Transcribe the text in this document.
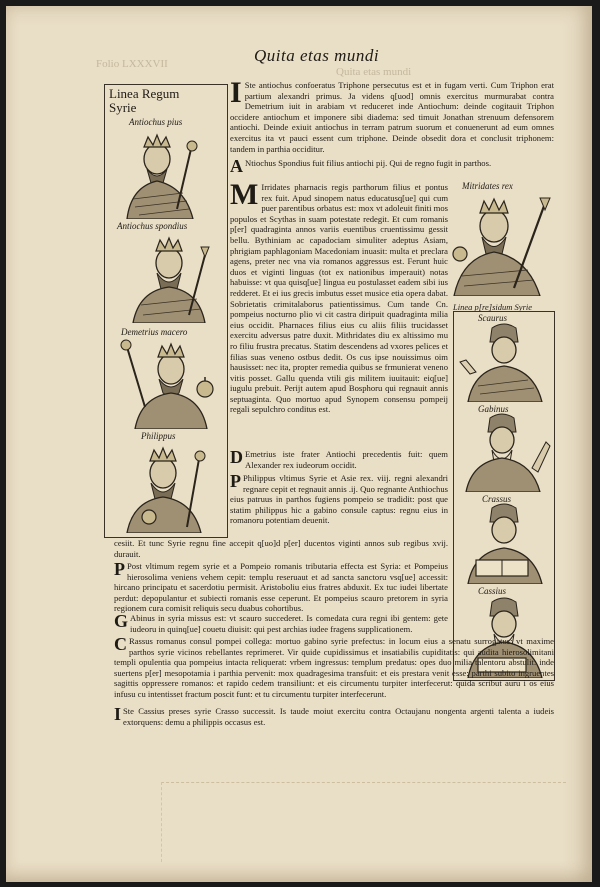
Folio LXXXVII
Quita etas mundi
Quita etas mundi
Linea Regum
Syrie
Antiochus pius
Antiochus spondius
Demetrius macero
Philippus
Mitridates rex
Linea p[re]sidum Syrie
Scaurus
Gabinus
Crassus
Cassius
I Ste antiochus confoeratus Triphone persecutus est et in fugam verti. Cum Triphon erat partium alexandri primus. Ja videns q[uod] omnis exercitus murmurabat contra Demetrium iuit in arabiam vt reduceret inde Antiochum: deinde cogitauit Triphon occidere antiochum et imponere sibi diadema: sed timuit Jonathan strenuum defensorem antiochi. Deinde exiuit antiochus in terram patrum suorum et conuenerunt ad eum omnes exercitus ita vt pauci essent cum triphone. Deinde obsedit dora et conclusit triphonem: tandem in parthia occiditur.
A Ntiochus Spondius fuit filius antiochi pij. Qui de regno fugit in parthos.
M Irridates pharnacis regis parthorum filius et pontus rex fuit. Apud sinopem natus educatusq[ue] qui cum puer parentibus orbatus est: mox vt adoleuit finiti mos populos et Scythas in suam potestate redegit. Et cum romanis p[er] quadraginta annos variis euentibus cruentissimu gessit bellu. Bythiniam ac capadociam simuliter adeptus Asiam, phrigiam paphlagoniam Macedoniam inuasit: multa et preclara agens, preter nec vna via romanos aggressus est. Ferunt huic duos et viginti linguas (tot ex nationibus imperauit) notas habuisse: vt qua quisq[ue] lingua eu postulasset eadem sibi ius redderet. Et ei ius grecis imbutus esset musice etia opera dabat. Sobrietatis crimitalaborus patientissimus. Cum tande Cn. pompeius nocturno plio vi cit castra diripuit quadraginta milia eius occidit. Pharnaces filius eius cu aliis filiis trucidasset exercitu adversus patre duxit. Mithridates diu ex altissimo mu ro filiu frustra precatus. Statim descendens ad vxores pelices et filias suas veneno ostbus dedit. Os cus ipse nouissimus oim hausisset: nec ita, propter remedia quibus se frmunierat veneno vitis posset. Gallu quenda vtili gis militem iuuitauit: eiq[ue] iugulu prebuit. Perijt autem apud Bosphoru qui regnauit annis septuaginta. Quo mortuo apud Synopem consensu pompeij regali sepulchro conditus est.
D Emetrius iste frater Antiochi precedentis fuit: quem Alexander rex iudeorum occidit.
P Philippus vltimus Syrie et Asie rex. viij. regni alexandri regnare cepit et regnauit annis .ij. Quo regnante Anthiochus eius patruus in parthos fugiens pompeio se tradidit: post que statim philippus hic a gabino consule captus: regnu eius in romanoru potentiam deuenit.
cesiit. Et tunc Syrie regnu fine accepit q[uo]d p[er] ducentos viginti annos sub regibus xvij. durauit.
P Post vltimum regem syrie et a Pompeio romanis tributaria effecta est Syria: et Pompeius hierosolima veniens vehem cepit: templu reseruaut et ad sancta sanctoru vsq[ue] accessit: hircano principatu et sacerdotiu permisit. Aristoboliu eius fratres abduxit. Ex tuc iudei libertate perdut: depopulantur et subiecti romanis esse ceperunt. Et pompeius scauro pretorem in syria regionem cura comisit reliquis secu duabus cohortibus.
G Abinus in syria missus est: vt scauro succederet. Is comedata cura regni ibi gentem: gete iudeoru in quinq[ue] couetu diuisit: qui pest archias iudee fragens supplicationem.
C Rassus romanus consul pompei collega: mortuo gabino syrie prefectus: in locum eius a senatu surrogatus: vt maxime parthos syrie vicinos rebellantes reprimeret. Vir quide cupidissimus et insatiabilis cupiditatis: qui audita hierosolimitani templi opulentia qua pompeius intacta reliquerat: vrbem ingressus: templum predatus: opes duo milia talentoru abstulit: inde suertens p[er] mesopotamia i parthia pervenit: mox quadragesima transfuit: et eis prestara venit esse: parthi subito ingruentes sagittis oppressere romanos: et rapido cedem transiliunt: et eis circumentu turpiter interfecerut: quida scribut auru i os eius infusu cu intentisset fractum poscit funt: et tu circumentu turpiter interfecerunt.
I Ste Cassius preses syrie Crasso successit. Is taude moiut exercitu contra Octaujanu nongenta argenti talenta a iudeis extorquens: demu a philippis occasus est.
